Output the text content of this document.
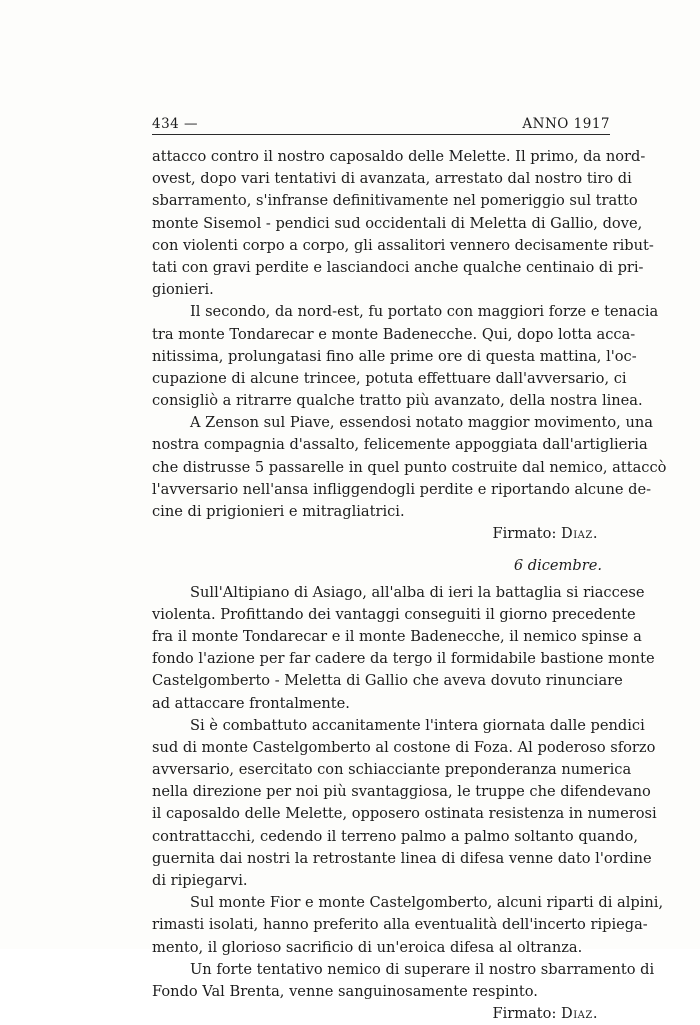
434 —	ANNO 1917
attacco contro il nostro caposaldo delle Melette. Il primo, da nord-
ovest, dopo vari tentativi di avanzata, arrestato dal nostro tiro di
sbarramento, s'infranse definitivamente nel pomeriggio sul tratto
monte Sisemol - pendici sud occidentali di Meletta di Gallio, dove,
con violenti corpo a corpo, gli assalitori vennero decisamente ribut-
tati con gravi perdite e lasciandoci anche qualche centinaio di pri-
gionieri.
Il secondo, da nord-est, fu portato con maggiori forze e tenacia
tra monte Tondarecar e monte Badenecche. Qui, dopo lotta acca-
nitissima, prolungatasi fino alle prime ore di questa mattina, l'oc-
cupazione di alcune trincee, potuta effettuare dall'avversario, ci
consigliò a ritrarre qualche tratto più avanzato, della nostra linea.
A Zenson sul Piave, essendosi notato maggior movimento, una
nostra compagnia d'assalto, felicemente appoggiata dall'artiglieria
che distrusse 5 passarelle in quel punto costruite dal nemico, attaccò
l'avversario nell'ansa infliggendogli perdite e riportando alcune de-
cine di prigionieri e mitragliatrici.
Firmato: Diaz.
6 dicembre.
Sull'Altipiano di Asiago, all'alba di ieri la battaglia si riaccese
violenta. Profittando dei vantaggi conseguiti il giorno precedente
fra il monte Tondarecar e il monte Badenecche, il nemico spinse a
fondo l'azione per far cadere da tergo il formidabile bastione monte
Castelgomberto - Meletta di Gallio che aveva dovuto rinunciare
ad attaccare frontalmente.
Si è combattuto accanitamente l'intera giornata dalle pendici
sud di monte Castelgomberto al costone di Foza. Al poderoso sforzo
avversario, esercitato con schiacciante preponderanza numerica
nella direzione per noi più svantaggiosa, le truppe che difendevano
il caposaldo delle Melette, opposero ostinata resistenza in numerosi
contrattacchi, cedendo il terreno palmo a palmo soltanto quando,
guernita dai nostri la retrostante linea di difesa venne dato l'ordine
di ripiegarvi.
Sul monte Fior e monte Castelgomberto, alcuni riparti di alpini,
rimasti isolati, hanno preferito alla eventualità dell'incerto ripiega-
mento, il glorioso sacrificio di un'eroica difesa al oltranza.
Un forte tentativo nemico di superare il nostro sbarramento di
Fondo Val Brenta, venne sanguinosamente respinto.
Firmato: Diaz.
